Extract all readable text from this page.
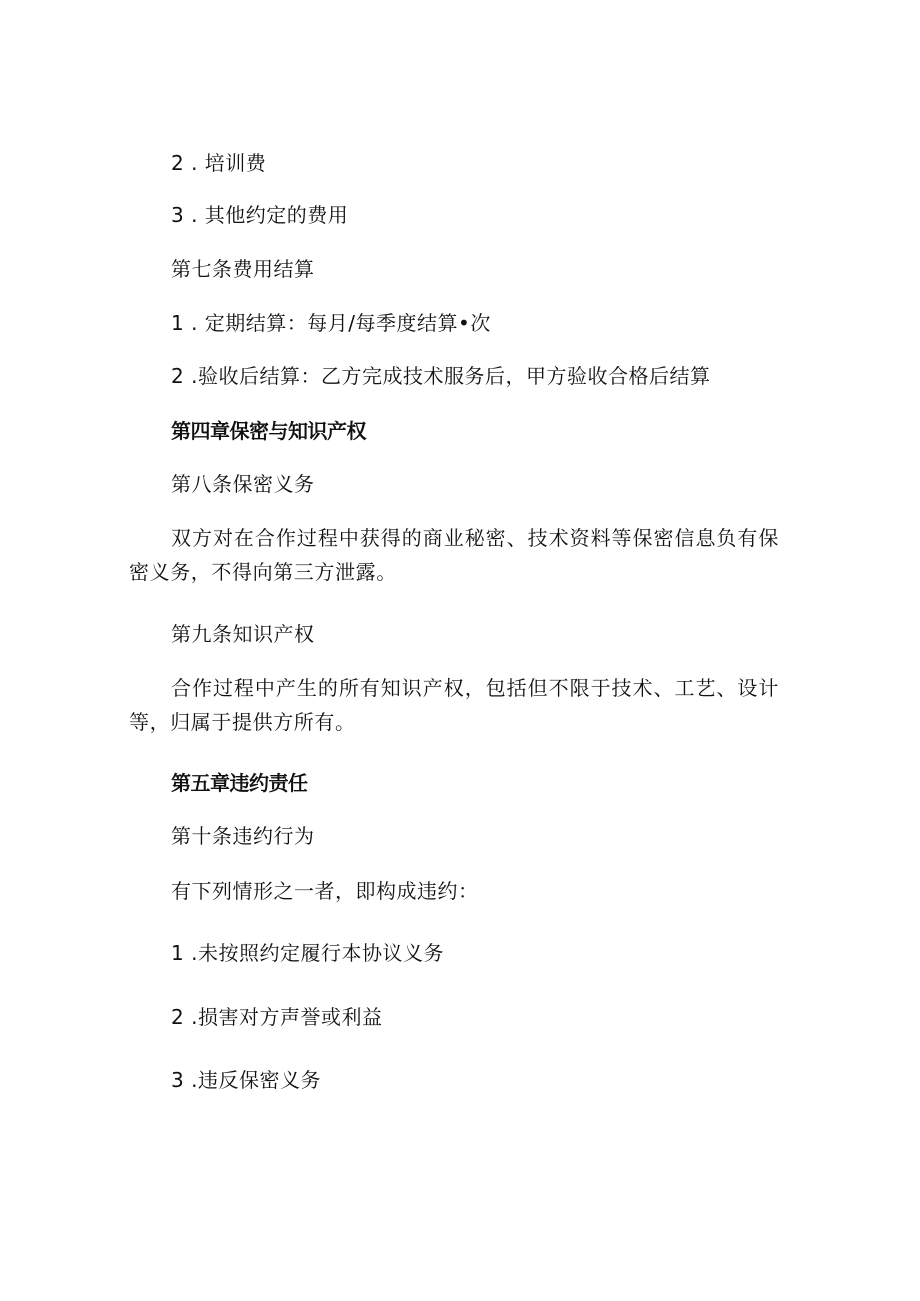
2 . 培训费
3 . 其他约定的费用
第七条费用结算
1 . 定期结算：每月/每季度结算•次
2 .验收后结算：乙方完成技术服务后，甲方验收合格后结算
第四章保密与知识产权
第八条保密义务
双方对在合作过程中获得的商业秘密、技术资料等保密信息负有保密义务，不得向第三方泄露。
第九条知识产权
合作过程中产生的所有知识产权，包括但不限于技术、工艺、设计等，归属于提供方所有。
第五章违约责任
第十条违约行为
有下列情形之一者，即构成违约：
1 .未按照约定履行本协议义务
2 .损害对方声誉或利益
3 .违反保密义务
